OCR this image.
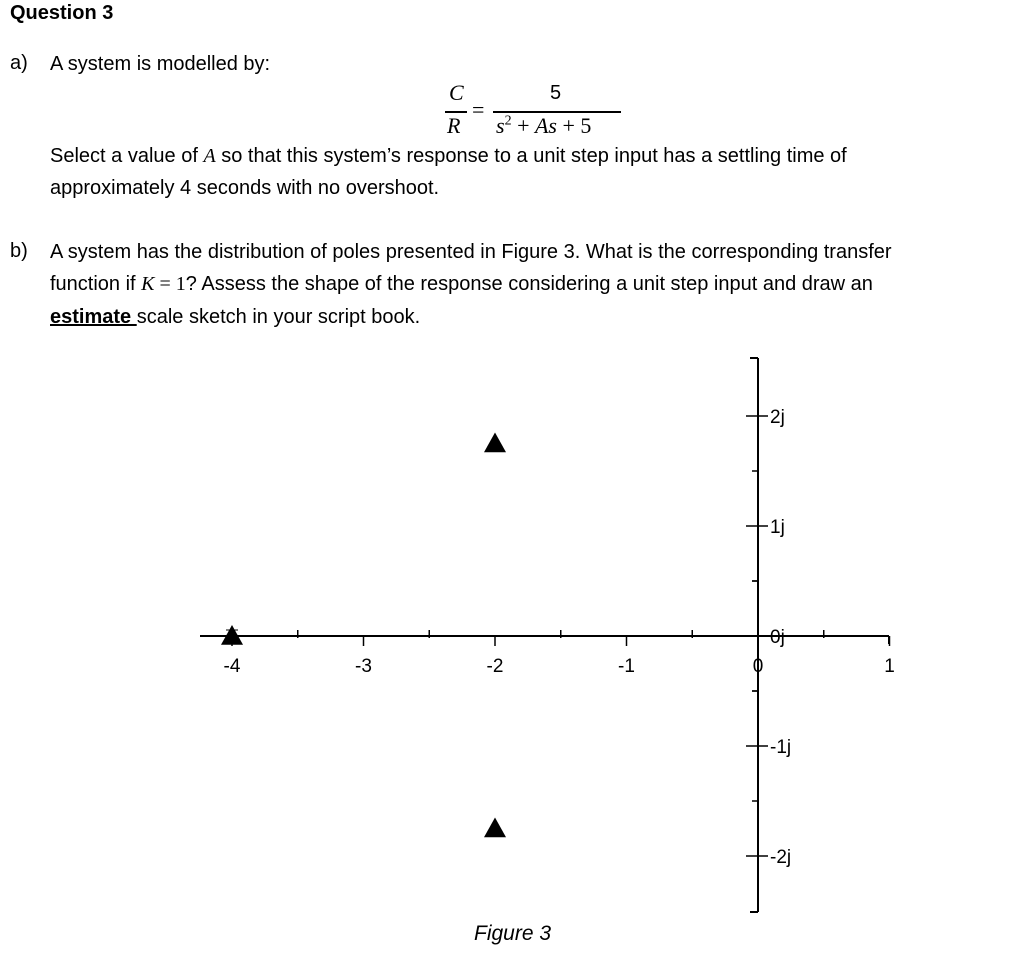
Question 3
a) A system is modelled by:
C
R
=
5
$s^2 + As + 5$
Select a value of A so that this system’s response to a unit step input has a settling time of
approximately 4 seconds with no overshoot.
b) A system has the distribution of poles presented in Figure 3. What is the corresponding transfer
function if K = 1? Assess the shape of the response considering a unit step input and draw an
estimate scale sketch in your script book.
-4	-3	-2	-1	0	1
2j
1j
0j
-1j
-2j
Figure 3
